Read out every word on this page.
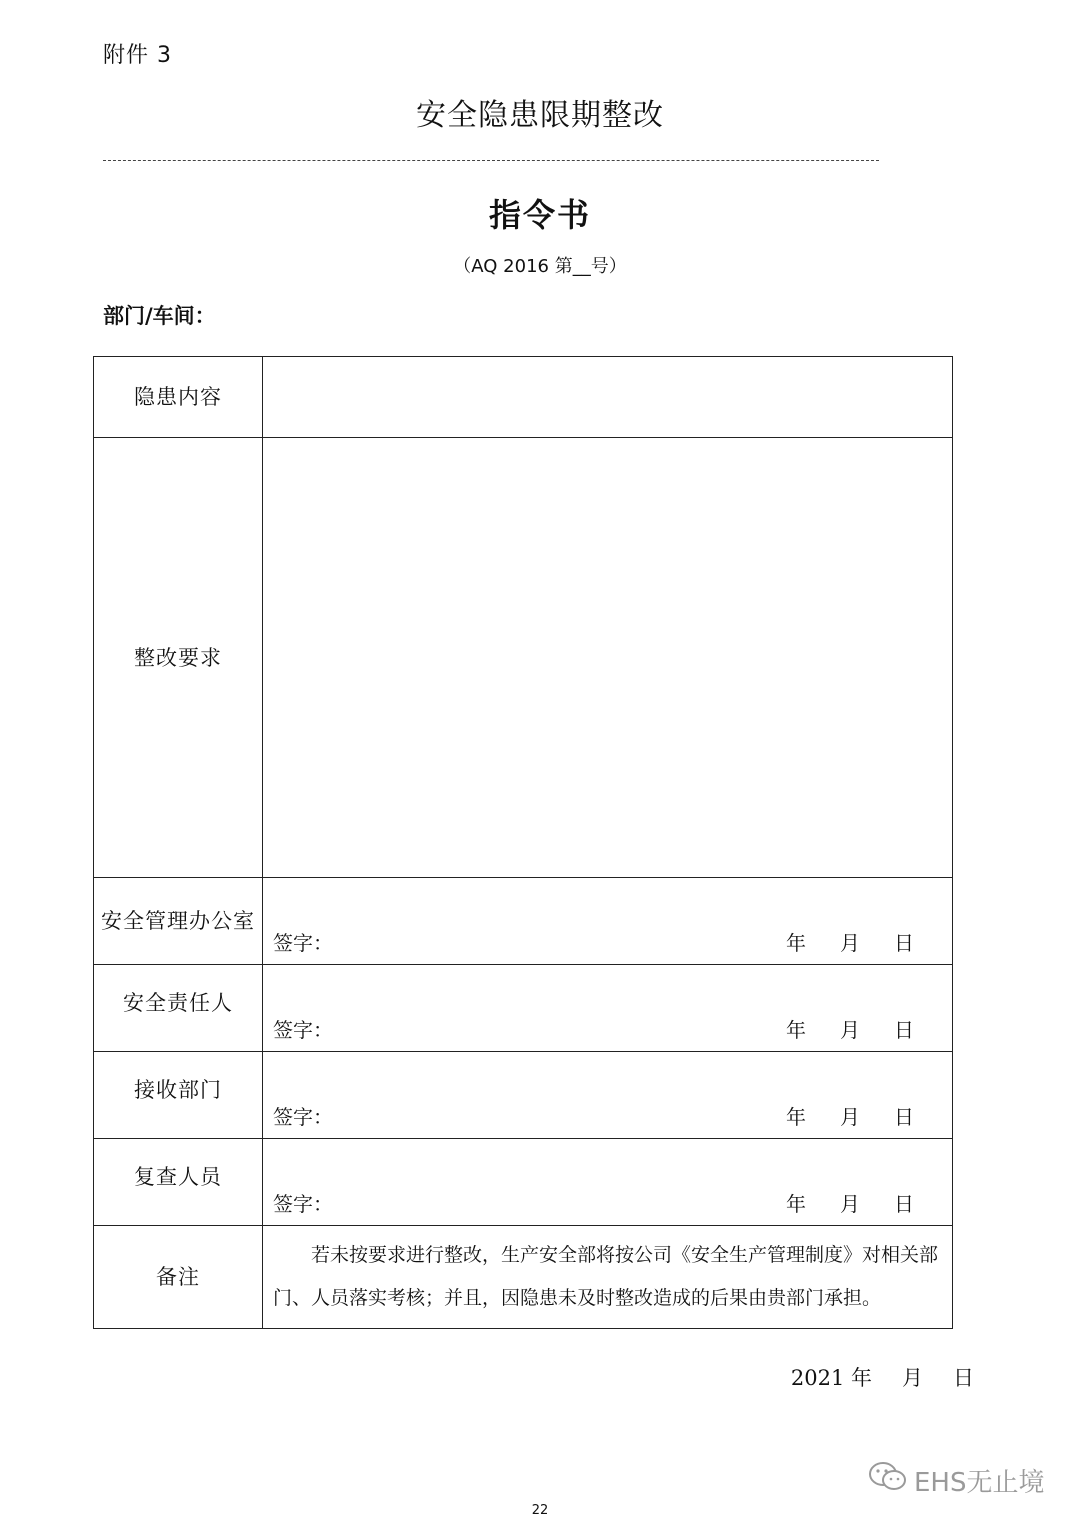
附件 3
安全隐患限期整改
指令书
（AQ 2016 第__号）
部门/车间：
隐患内容	
整改要求	
安全管理办公室	签字： 年 月 日

安全责任人	签字： 年 月 日

接收部门	签字： 年 月 日

复查人员	签字： 年 月 日

备注	若未按要求进行整改，生产安全部将按公司《安全生产管理制度》对相关部门、人员落实考核；并且，因隐患未及时整改造成的后果由贵部门承担。
2021 年 月 日
EHS无止境
22
